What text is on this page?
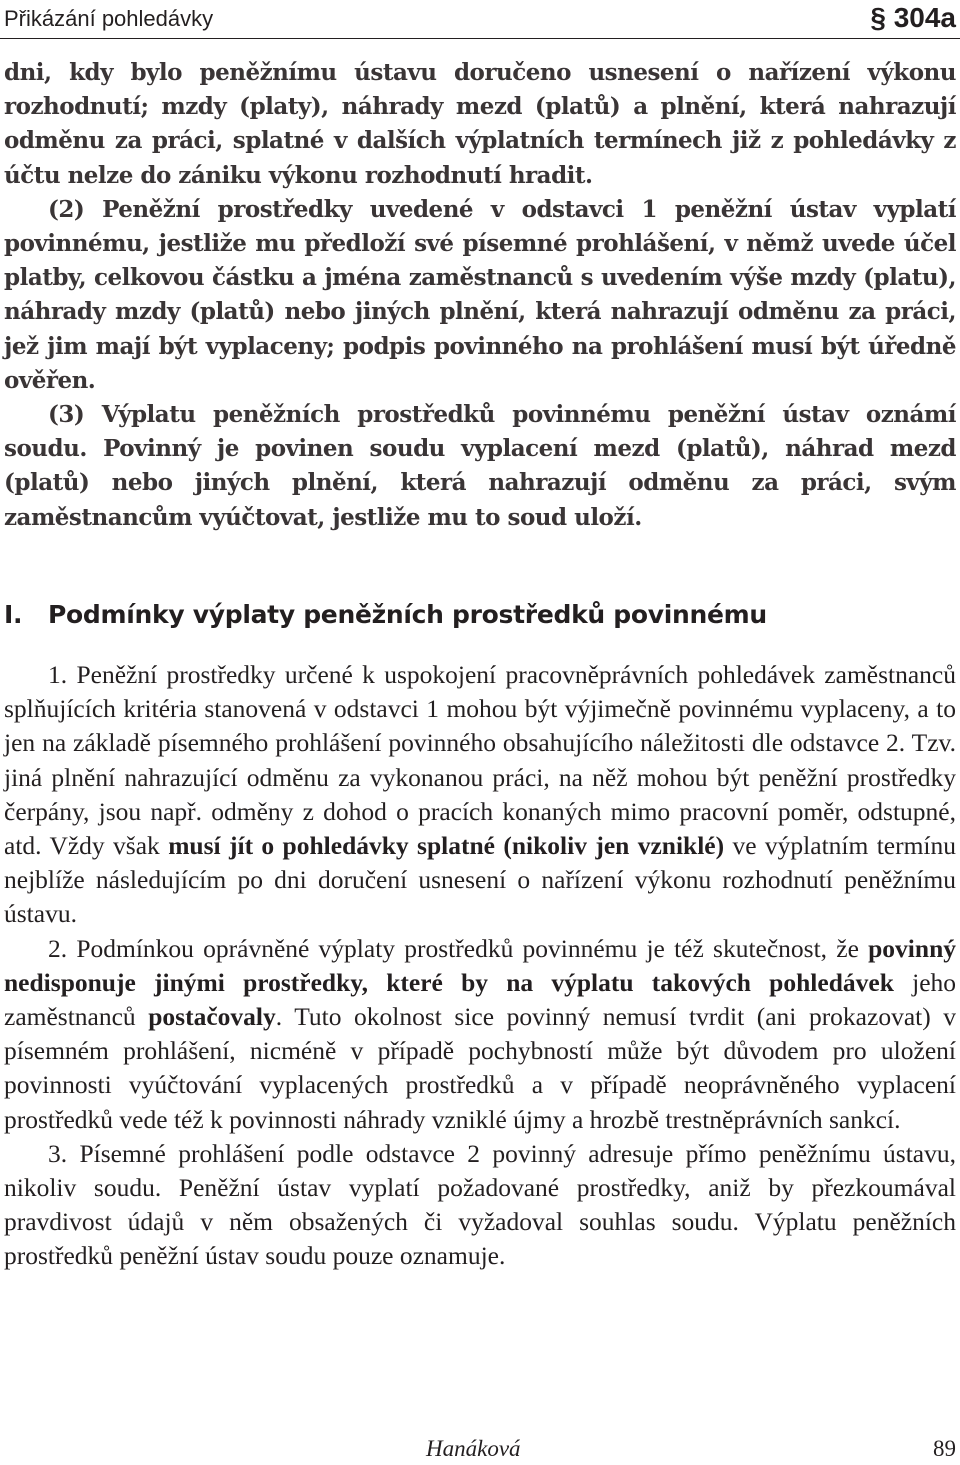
Přikázání pohledávky	§ 304a

dni, kdy bylo peněžnímu ústavu doručeno usnesení o nařízení výkonu rozhodnutí; mzdy (platy), náhrady mezd (platů) a plnění, která nahrazují odměnu za práci, splatné v dalších výplatních termínech již z pohledávky z účtu nelze do zániku výkonu rozhodnutí hradit.

(2) Peněžní prostředky uvedené v odstavci 1 peněžní ústav vyplatí povinnému, jestliže mu předloží své písemné prohlášení, v němž uvede účel platby, celkovou částku a jména zaměstnanců s uvedením výše mzdy (platu), náhrady mzdy (platů) nebo jiných plnění, která nahrazují odměnu za práci, jež jim mají být vyplaceny; podpis povinného na prohlášení musí být úředně ověřen.

(3) Výplatu peněžních prostředků povinnému peněžní ústav oznámí soudu. Povinný je povinen soudu vyplacení mezd (platů), náhrad mezd (platů) nebo jiných plnění, která nahrazují odměnu za práci, svým zaměstnancům vyúčtovat, jestliže mu to soud uloží.

I. Podmínky výplaty peněžních prostředků povinnému

1. Peněžní prostředky určené k uspokojení pracovněprávních pohledávek zaměstnanců splňujících kritéria stanovená v odstavci 1 mohou být výjimečně povinnému vyplaceny, a to jen na základě písemného prohlášení povinného obsahujícího náležitosti dle odstavce 2. Tzv. jiná plnění nahrazující odměnu za vykonanou práci, na něž mohou být peněžní prostředky čerpány, jsou např. odměny z dohod o pracích konaných mimo pracovní poměr, odstupné, atd. Vždy však musí jít o pohledávky splatné (nikoliv jen vzniklé) ve výplatním termínu nejblíže následujícím po dni doručení usnesení o nařízení výkonu rozhodnutí peněžnímu ústavu.

2. Podmínkou oprávněné výplaty prostředků povinnému je též skutečnost, že povinný nedisponuje jinými prostředky, které by na výplatu takových pohledávek jeho zaměstnanců postačovaly. Tuto okolnost sice povinný nemusí tvrdit (ani prokazovat) v písemném prohlášení, nicméně v případě pochybností může být důvodem pro uložení povinnosti vyúčtování vyplacených prostředků a v případě neoprávněného vyplacení prostředků vede též k povinnosti náhrady vzniklé újmy a hrozbě trestněprávních sankcí.

3. Písemné prohlášení podle odstavce 2 povinný adresuje přímo peněžnímu ústavu, nikoliv soudu. Peněžní ústav vyplatí požadované prostředky, aniž by přezkoumával pravdivost údajů v něm obsažených či vyžadoval souhlas soudu. Výplatu peněžních prostředků peněžní ústav soudu pouze oznamuje.

Hanáková	89
